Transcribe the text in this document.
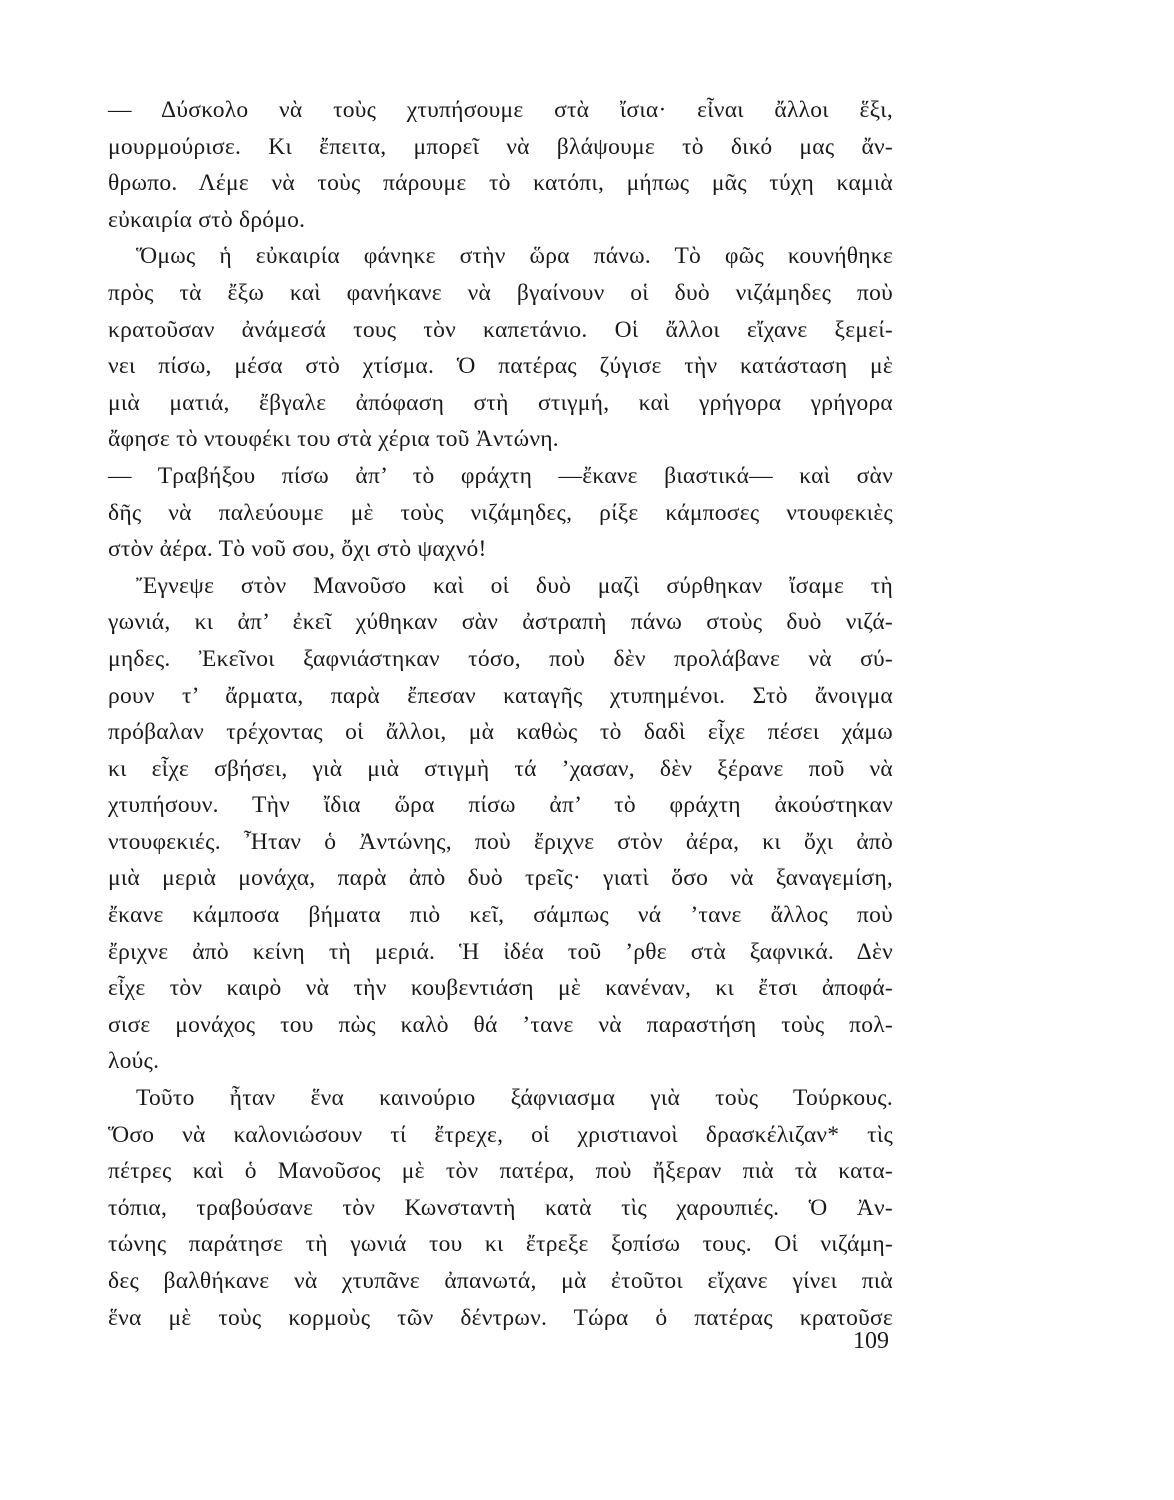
— Δύσκολο νὰ τοὺς χτυπήσουμε στὰ ἴσια· εἶναι ἄλλοι ἕξι,
μουρμούρισε. Κι ἔπειτα, μπορεῖ νὰ βλάψουμε τὸ δικό μας ἄν-
θρωπο. Λέμε νὰ τοὺς πάρουμε τὸ κατόπι, μήπως μᾶς τύχη καμιὰ
εὐκαιρία στὸ δρόμο.
Ὅμως ἡ εὐκαιρία φάνηκε στὴν ὥρα πάνω. Τὸ φῶς κουνήθηκε
πρὸς τὰ ἔξω καὶ φανήκανε νὰ βγαίνουν οἱ δυὸ νιζάμηδες ποὺ
κρατοῦσαν ἀνάμεσά τους τὸν καπετάνιο. Οἱ ἄλλοι εἴχανε ξεμεί-
νει πίσω, μέσα στὸ χτίσμα. Ὁ πατέρας ζύγισε τὴν κατάσταση μὲ
μιὰ ματιά, ἔβγαλε ἀπόφαση στὴ στιγμή, καὶ γρήγορα γρήγορα
ἄφησε τὸ ντουφέκι του στὰ χέρια τοῦ Ἀντώνη.
— Τραβήξου πίσω ἀπ’ τὸ φράχτη —ἔκανε βιαστικά— καὶ σὰν
δῆς νὰ παλεύουμε μὲ τοὺς νιζάμηδες, ρίξε κάμποσες ντουφεκιὲς
στὸν ἀέρα. Τὸ νοῦ σου, ὄχι στὸ ψαχνό!
Ἔγνεψε στὸν Μανοῦσο καὶ οἱ δυὸ μαζὶ σύρθηκαν ἴσαμε τὴ
γωνιά, κι ἀπ’ ἐκεῖ χύθηκαν σὰν ἀστραπὴ πάνω στοὺς δυὸ νιζά-
μηδες. Ἐκεῖνοι ξαφνιάστηκαν τόσο, ποὺ δὲν προλάβανε νὰ σύ-
ρουν τ’ ἄρματα, παρὰ ἔπεσαν καταγῆς χτυπημένοι. Στὸ ἄνοιγμα
πρόβαλαν τρέχοντας οἱ ἄλλοι, μὰ καθὼς τὸ δαδὶ εἶχε πέσει χάμω
κι εἶχε σβήσει, γιὰ μιὰ στιγμὴ τά ’χασαν, δὲν ξέρανε ποῦ νὰ
χτυπήσουν. Τὴν ἴδια ὥρα πίσω ἀπ’ τὸ φράχτη ἀκούστηκαν
ντουφεκιές. Ἦταν ὁ Ἀντώνης, ποὺ ἔριχνε στὸν ἀέρα, κι ὄχι ἀπὸ
μιὰ μεριὰ μονάχα, παρὰ ἀπὸ δυὸ τρεῖς· γιατὶ ὅσο νὰ ξαναγεμίση,
ἔκανε κάμποσα βήματα πιὸ κεῖ, σάμπως νά ’τανε ἄλλος ποὺ
ἔριχνε ἀπὸ κείνη τὴ μεριά. Ἡ ἰδέα τοῦ ’ρθε στὰ ξαφνικά. Δὲν
εἶχε τὸν καιρὸ νὰ τὴν κουβεντιάση μὲ κανέναν, κι ἔτσι ἀποφά-
σισε μονάχος του πὼς καλὸ θά ’τανε νὰ παραστήση τοὺς πολ-
λούς.
Τοῦτο ἦταν ἕνα καινούριο ξάφνιασμα γιὰ τοὺς Τούρκους.
Ὅσο νὰ καλονιώσουν τί ἔτρεχε, οἱ χριστιανοὶ δρασκέλιζαν* τὶς
πέτρες καὶ ὁ Μανοῦσος μὲ τὸν πατέρα, ποὺ ἤξεραν πιὰ τὰ κατα-
τόπια, τραβούσανε τὸν Κωνσταντὴ κατὰ τὶς χαρουπιές. Ὁ Ἀν-
τώνης παράτησε τὴ γωνιά του κι ἔτρεξε ξοπίσω τους. Οἱ νιζάμη-
δες βαλθήκανε νὰ χτυπᾶνε ἀπανωτά, μὰ ἐτοῦτοι εἴχανε γίνει πιὰ
ἕνα μὲ τοὺς κορμοὺς τῶν δέντρων. Τώρα ὁ πατέρας κρατοῦσε
109
